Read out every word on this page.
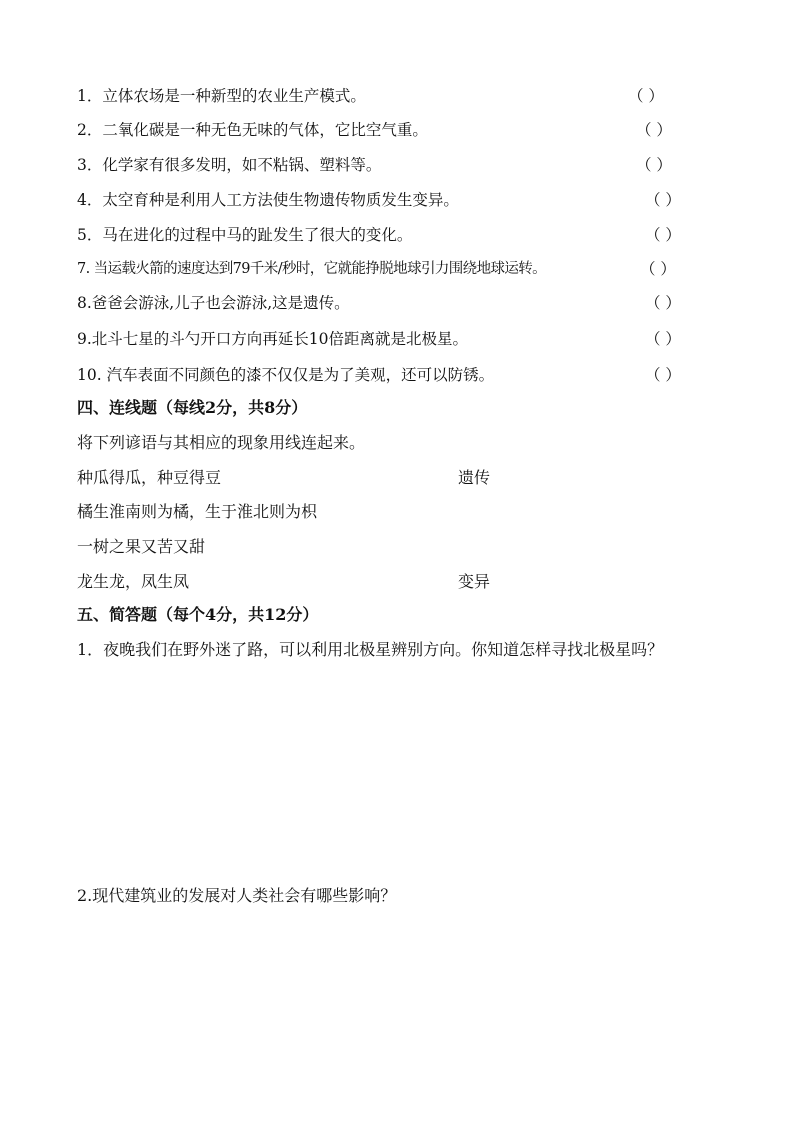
1．立体农场是一种新型的农业生产模式。	（ ）
2．二氧化碳是一种无色无味的气体，它比空气重。	（ ）
3．化学家有很多发明，如不粘锅、塑料等。	（ ）
4．太空育种是利用人工方法使生物遗传物质发生变异。	（ ）
5．马在进化的过程中马的趾发生了很大的变化。	（ ）
7. 当运载火箭的速度达到79千米/秒时，它就能挣脱地球引力围绕地球运转。	（ ）
8.爸爸会游泳,儿子也会游泳,这是遗传。	（ ）
9.北斗七星的斗勺开口方向再延长10倍距离就是北极星。	（ ）
10. 汽车表面不同颜色的漆不仅仅是为了美观，还可以防锈。	（ ）
四、连线题（每线2分，共8分）
将下列谚语与其相应的现象用线连起来。
种瓜得瓜，种豆得豆	遗传
橘生淮南则为橘，生于淮北则为枳
一树之果又苦又甜
龙生龙，凤生凤	变异
五、简答题（每个4分，共12分）
1．夜晚我们在野外迷了路，可以利用北极星辨别方向。你知道怎样寻找北极星吗？
2.现代建筑业的发展对人类社会有哪些影响？
